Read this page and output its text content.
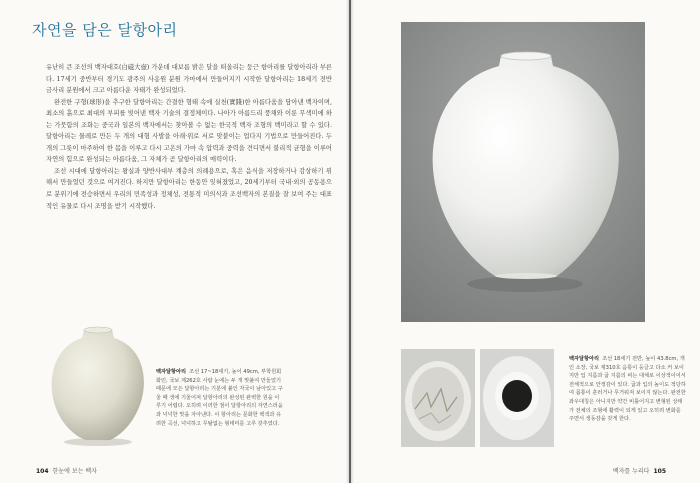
자연을 담은 달항아리

유난히 큰 조선의 백자대호(白磁大壺) 가운데 대보름 밝은 달을 떠올리는 둥근 항아리를 달항아리라 부른다. 17세기 중반부터 경기도 광주의 사옹원 분원 가마에서 만들어지기 시작한 달항아리는 18세기 전반 금사리 분원에서 크고 아름다운 자태가 완성되었다.

완전한 구형(球形)을 추구한 달항아리는 간결한 형태 속에 실천(實踐)한 아름다움을 담아낸 백자이며, 최소의 흙으로 최대의 부피를 빚어낸 백자 기술의 결정체이다. 나아가 아름드리 풍채와 이룬 무색미에 하는 가뭇함의 조화는 중국과 일본의 백자에서는 찾아볼 수 없는 한국적 백자 조형의 백미라고 할 수 있다. 달항아리는 물레로 만든 두 개의 대형 사발을 아래·위로 서로 맞붙이는 업다지 기법으로 만들어진다. 두 개의 그릇이 마주하여 한 몸을 이루고 다시 고온의 가마 속 압력과 중력을 견디면서 불리적 균형을 이루어 자연의 힘으로 완성되는 아름다움, 그 자체가 곧 달항아리의 매력이다.

조선 시대에 달항아리는 왕실과 양반사대부 계층의 의례용으로, 혹은 음식을 저장하거나 감상하기 위해서 만들었던 것으로 여겨진다. 하지만 달항아리는 한동안 잊혀졌었고, 20세기부터 국내·외의 공동용으로 분위기에 전승하면서 우리의 민족성과 정체성, 전통적 미의식과 조선백자의 본질을 잘 보여 주는 대표적인 유물로 다시 조명을 받기 시작했다.

백자달항아리 조선 17~18세기, 높이 49cm, 부학원회화민, 국보 제262호 사람 눈에는 두 개 맞붙여 만들었기 때문에 모든 달항아리는 기분에 붙인 자국이 남아있고 구울 때 생에 기울어져 달항아리의 완성된 완벽한 원을 이루기 어렵다. 오히려 이러한 점이 달항아리의 자연스러움과 넉넉한 맛을 자아낸다. 이 항아리는 문화한 백색과 유려한 곡선, 넉넉하고 무탈없는 형태미를 고루 갖추었다.
104 한눈에 보는 백자
백자달항아리 조선 18세기 전반, 높이 43.8cm, 개인 소장, 국보 제310호 음통이 둥글고 다소 커 보이지만 입 지름과 굽 지름의 비는 대체로 이상적이어서 전체적으로 안정감이 있다. 굽과 입의 높이도 적당하여 몸통이 훈러거나 무거워져 보이지 않는다. 완전한 좌우대칭은 아니지만 약간 비틀어지고 변형된 상태가 전체의 조형에 활력이 되게 있고 오히려 변화를 주면서 생동감을 갖게 한다.
백자를 누리다 105
